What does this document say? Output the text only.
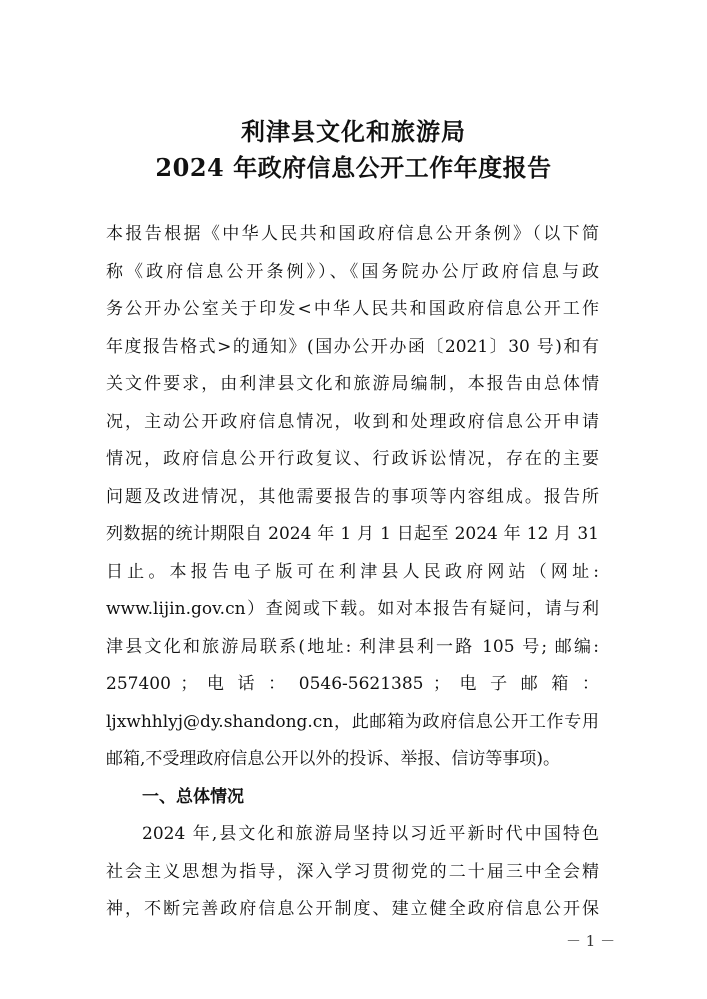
利津县文化和旅游局
2024 年政府信息公开工作年度报告
本报告根据《中华人民共和国政府信息公开条例》（以下简
称《政府信息公开条例》）、《国务院办公厅政府信息与政
务公开办公室关于印发<中华人民共和国政府信息公开工作
年度报告格式>的通知》(国办公开办函〔2021〕30 号)和有
关文件要求，由利津县文化和旅游局编制，本报告由总体情
况，主动公开政府信息情况，收到和处理政府信息公开申请
情况，政府信息公开行政复议、行政诉讼情况，存在的主要
问题及改进情况，其他需要报告的事项等内容组成。报告所
列数据的统计期限自 2024 年 1 月 1 日起至 2024 年 12 月 31
日止。本报告电子版可在利津县人民政府网站（网址:
www.lijin.gov.cn）查阅或下载。如对本报告有疑问，请与利
津县文化和旅游局联系(地址: 利津县利一路 105 号; 邮编:
257400 ； 电 话 ： 0546-5621385 ； 电 子 邮 箱 ：
ljxwhhlyj@dy.shandong.cn，此邮箱为政府信息公开工作专用
邮箱,不受理政府信息公开以外的投诉、举报、信访等事项)。
一、总体情况
2024 年,县文化和旅游局坚持以习近平新时代中国特色
社会主义思想为指导，深入学习贯彻党的二十届三中全会精
神，不断完善政府信息公开制度、建立健全政府信息公开保
－ 1 －
